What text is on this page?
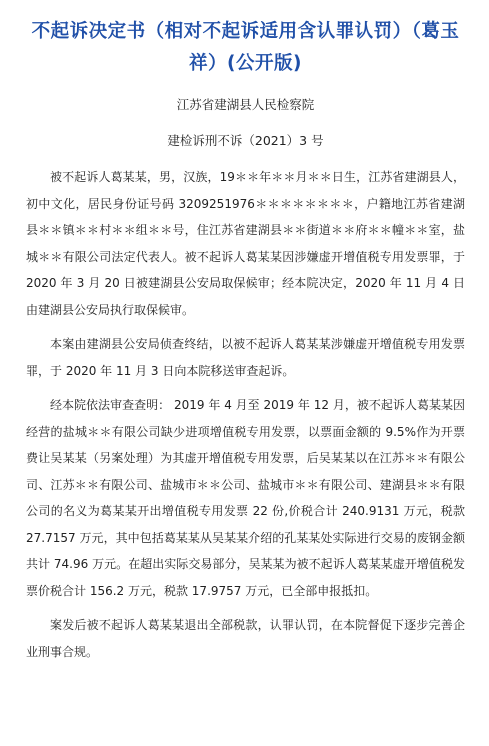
不起诉决定书（相对不起诉适用含认罪认罚）（葛玉祥）(公开版)
江苏省建湖县人民检察院
建检诉刑不诉（2021）3 号

被不起诉人葛某某，男，汉族，19＊＊年＊＊月＊＊日生，江苏省建湖县人，初中文化，居民身份证号码 3209251976＊＊＊＊＊＊＊＊，户籍地江苏省建湖县＊＊镇＊＊村＊＊组＊＊号，住江苏省建湖县＊＊街道＊＊府＊＊幢＊＊室，盐城＊＊有限公司法定代表人。被不起诉人葛某某因涉嫌虚开增值税专用发票罪，于 2020 年 3 月 20 日被建湖县公安局取保候审；经本院决定，2020 年 11 月 4 日由建湖县公安局执行取保候审。

本案由建湖县公安局侦查终结，以被不起诉人葛某某涉嫌虚开增值税专用发票罪，于 2020 年 11 月 3 日向本院移送审查起诉。

经本院依法审查查明： 2019 年 4 月至 2019 年 12 月，被不起诉人葛某某因经营的盐城＊＊有限公司缺少进项增值税专用发票，以票面金额的 9.5%作为开票费让吴某某（另案处理）为其虚开增值税专用发票，后吴某某以在江苏＊＊有限公司、江苏＊＊有限公司、盐城市＊＊公司、盐城市＊＊有限公司、建湖县＊＊有限公司的名义为葛某某开出增值税专用发票 22 份,价税合计 240.9131 万元，税款 27.7157 万元，其中包括葛某某从吴某某介绍的孔某某处实际进行交易的废钢金额共计 74.96 万元。在超出实际交易部分，吴某某为被不起诉人葛某某虚开增值税发票价税合计 156.2 万元，税款 17.9757 万元，已全部申报抵扣。

案发后被不起诉人葛某某退出全部税款，认罪认罚，在本院督促下逐步完善企业刑事合规。
